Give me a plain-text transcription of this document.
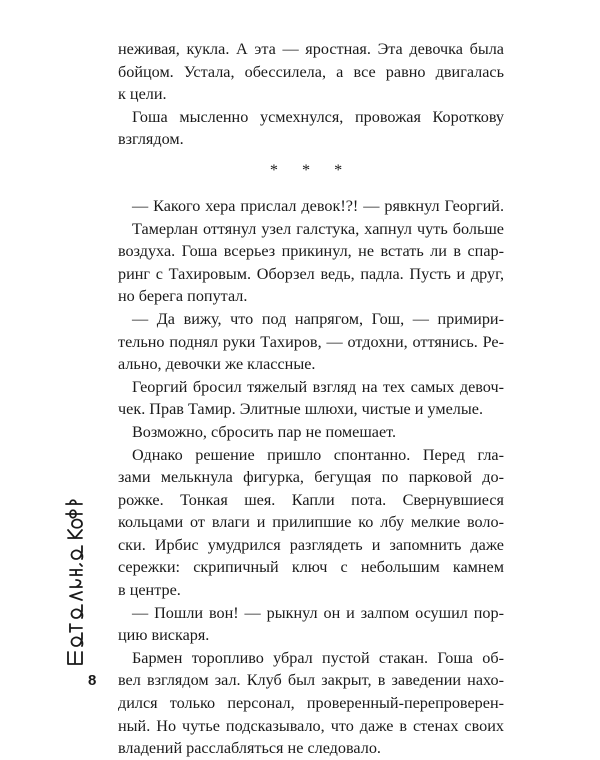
неживая, кукла. А эта — яростная. Эта девочка была
бойцом. Устала, обессилела, а все равно двигалась
к цели.
Гоша мысленно усмехнулся, провожая Короткову
взглядом.
* * *
— Какого хера прислал девок!?! — рявкнул Георгий.
Тамерлан оттянул узел галстука, хапнул чуть больше
воздуха. Гоша всерьез прикинул, не встать ли в спар-
ринг с Тахировым. Оборзел ведь, падла. Пусть и друг,
но берега попутал.
— Да вижу, что под напрягом, Гош, — примири-
тельно поднял руки Тахиров, — отдохни, оттянись. Ре-
ально, девочки же классные.
Георгий бросил тяжелый взгляд на тех самых девоч-
чек. Прав Тамир. Элитные шлюхи, чистые и умелые.
Возможно, сбросить пар не помешает.
Однако решение пришло спонтанно. Перед гла-
зами мелькнула фигурка, бегущая по парковой до-
рожке. Тонкая шея. Капли пота. Свернувшиеся
кольцами от влаги и прилипшие ко лбу мелкие воло-
ски. Ирбис умудрился разглядеть и запомнить даже
сережки: скрипичный ключ с небольшим камнем
в центре.
— Пошли вон! — рыкнул он и залпом осушил пор-
цию вискаря.
Бармен торопливо убрал пустой стакан. Гоша об-
вел взглядом зал. Клуб был закрыт, в заведении нахо-
дился только персонал, проверенный-перепроверен-
ный. Но чутье подсказывало, что даже в стенах своих
владений расслабляться не следовало.
8
